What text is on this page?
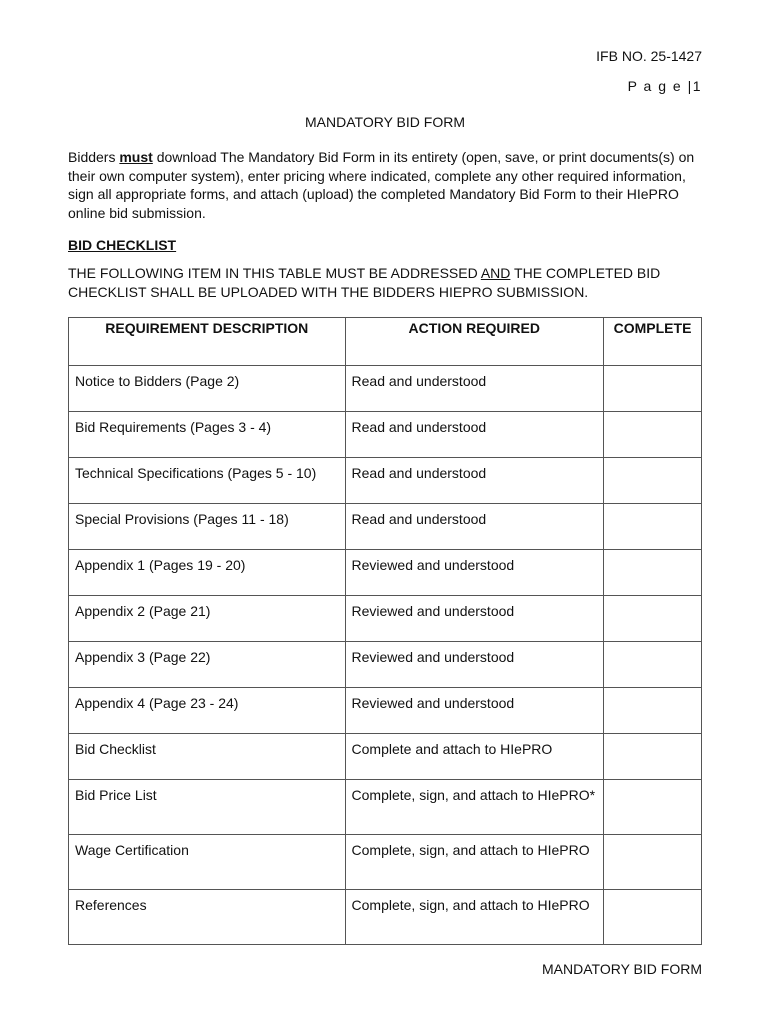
IFB NO. 25-1427
P a g e |1
MANDATORY BID FORM
Bidders must download The Mandatory Bid Form in its entirety (open, save, or print documents(s) on their own computer system), enter pricing where indicated, complete any other required information, sign all appropriate forms, and attach (upload) the completed Mandatory Bid Form to their HIePRO online bid submission.
BID CHECKLIST
THE FOLLOWING ITEM IN THIS TABLE MUST BE ADDRESSED AND THE COMPLETED BID CHECKLIST SHALL BE UPLOADED WITH THE BIDDERS HIEPRO SUBMISSION.
REQUIREMENT DESCRIPTION	ACTION REQUIRED	COMPLETE

Notice to Bidders (Page 2)	Read and understood	

Bid Requirements (Pages 3 - 4)	Read and understood	

Technical Specifications (Pages 5 - 10)	Read and understood	

Special Provisions (Pages 11 - 18)	Read and understood	

Appendix 1 (Pages 19 - 20)	Reviewed and understood	

Appendix 2 (Page 21)	Reviewed and understood	

Appendix 3 (Page 22)	Reviewed and understood	

Appendix 4 (Page 23 - 24)	Reviewed and understood	

Bid Checklist	Complete and attach to HIePRO	

Bid Price List	Complete, sign, and attach to HIePRO*	

Wage Certification	Complete, sign, and attach to HIePRO	

References	Complete, sign, and attach to HIePRO	

MANDATORY BID FORM
